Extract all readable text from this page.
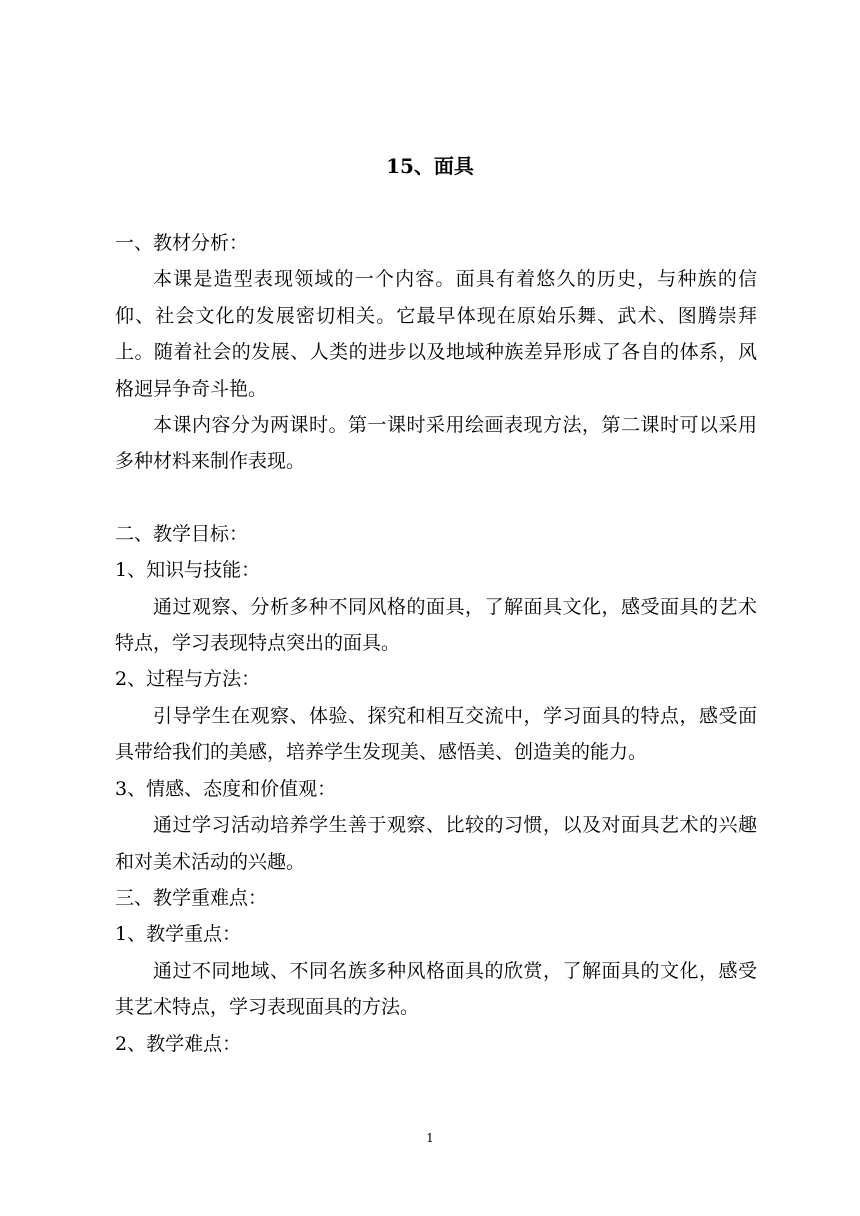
15、面具

一、教材分析：

本课是造型表现领域的一个内容。面具有着悠久的历史，与种族的信仰、社会文化的发展密切相关。它最早体现在原始乐舞、武术、图腾崇拜上。随着社会的发展、人类的进步以及地域种族差异形成了各自的体系，风格迥异争奇斗艳。

本课内容分为两课时。第一课时采用绘画表现方法，第二课时可以采用多种材料来制作表现。

二、教学目标：

1、知识与技能：

通过观察、分析多种不同风格的面具，了解面具文化，感受面具的艺术特点，学习表现特点突出的面具。

2、过程与方法：

引导学生在观察、体验、探究和相互交流中，学习面具的特点，感受面具带给我们的美感，培养学生发现美、感悟美、创造美的能力。

3、情感、态度和价值观：

通过学习活动培养学生善于观察、比较的习惯，以及对面具艺术的兴趣和对美术活动的兴趣。

三、教学重难点：

1、教学重点：

通过不同地域、不同名族多种风格面具的欣赏，了解面具的文化，感受其艺术特点，学习表现面具的方法。

2、教学难点：

1
